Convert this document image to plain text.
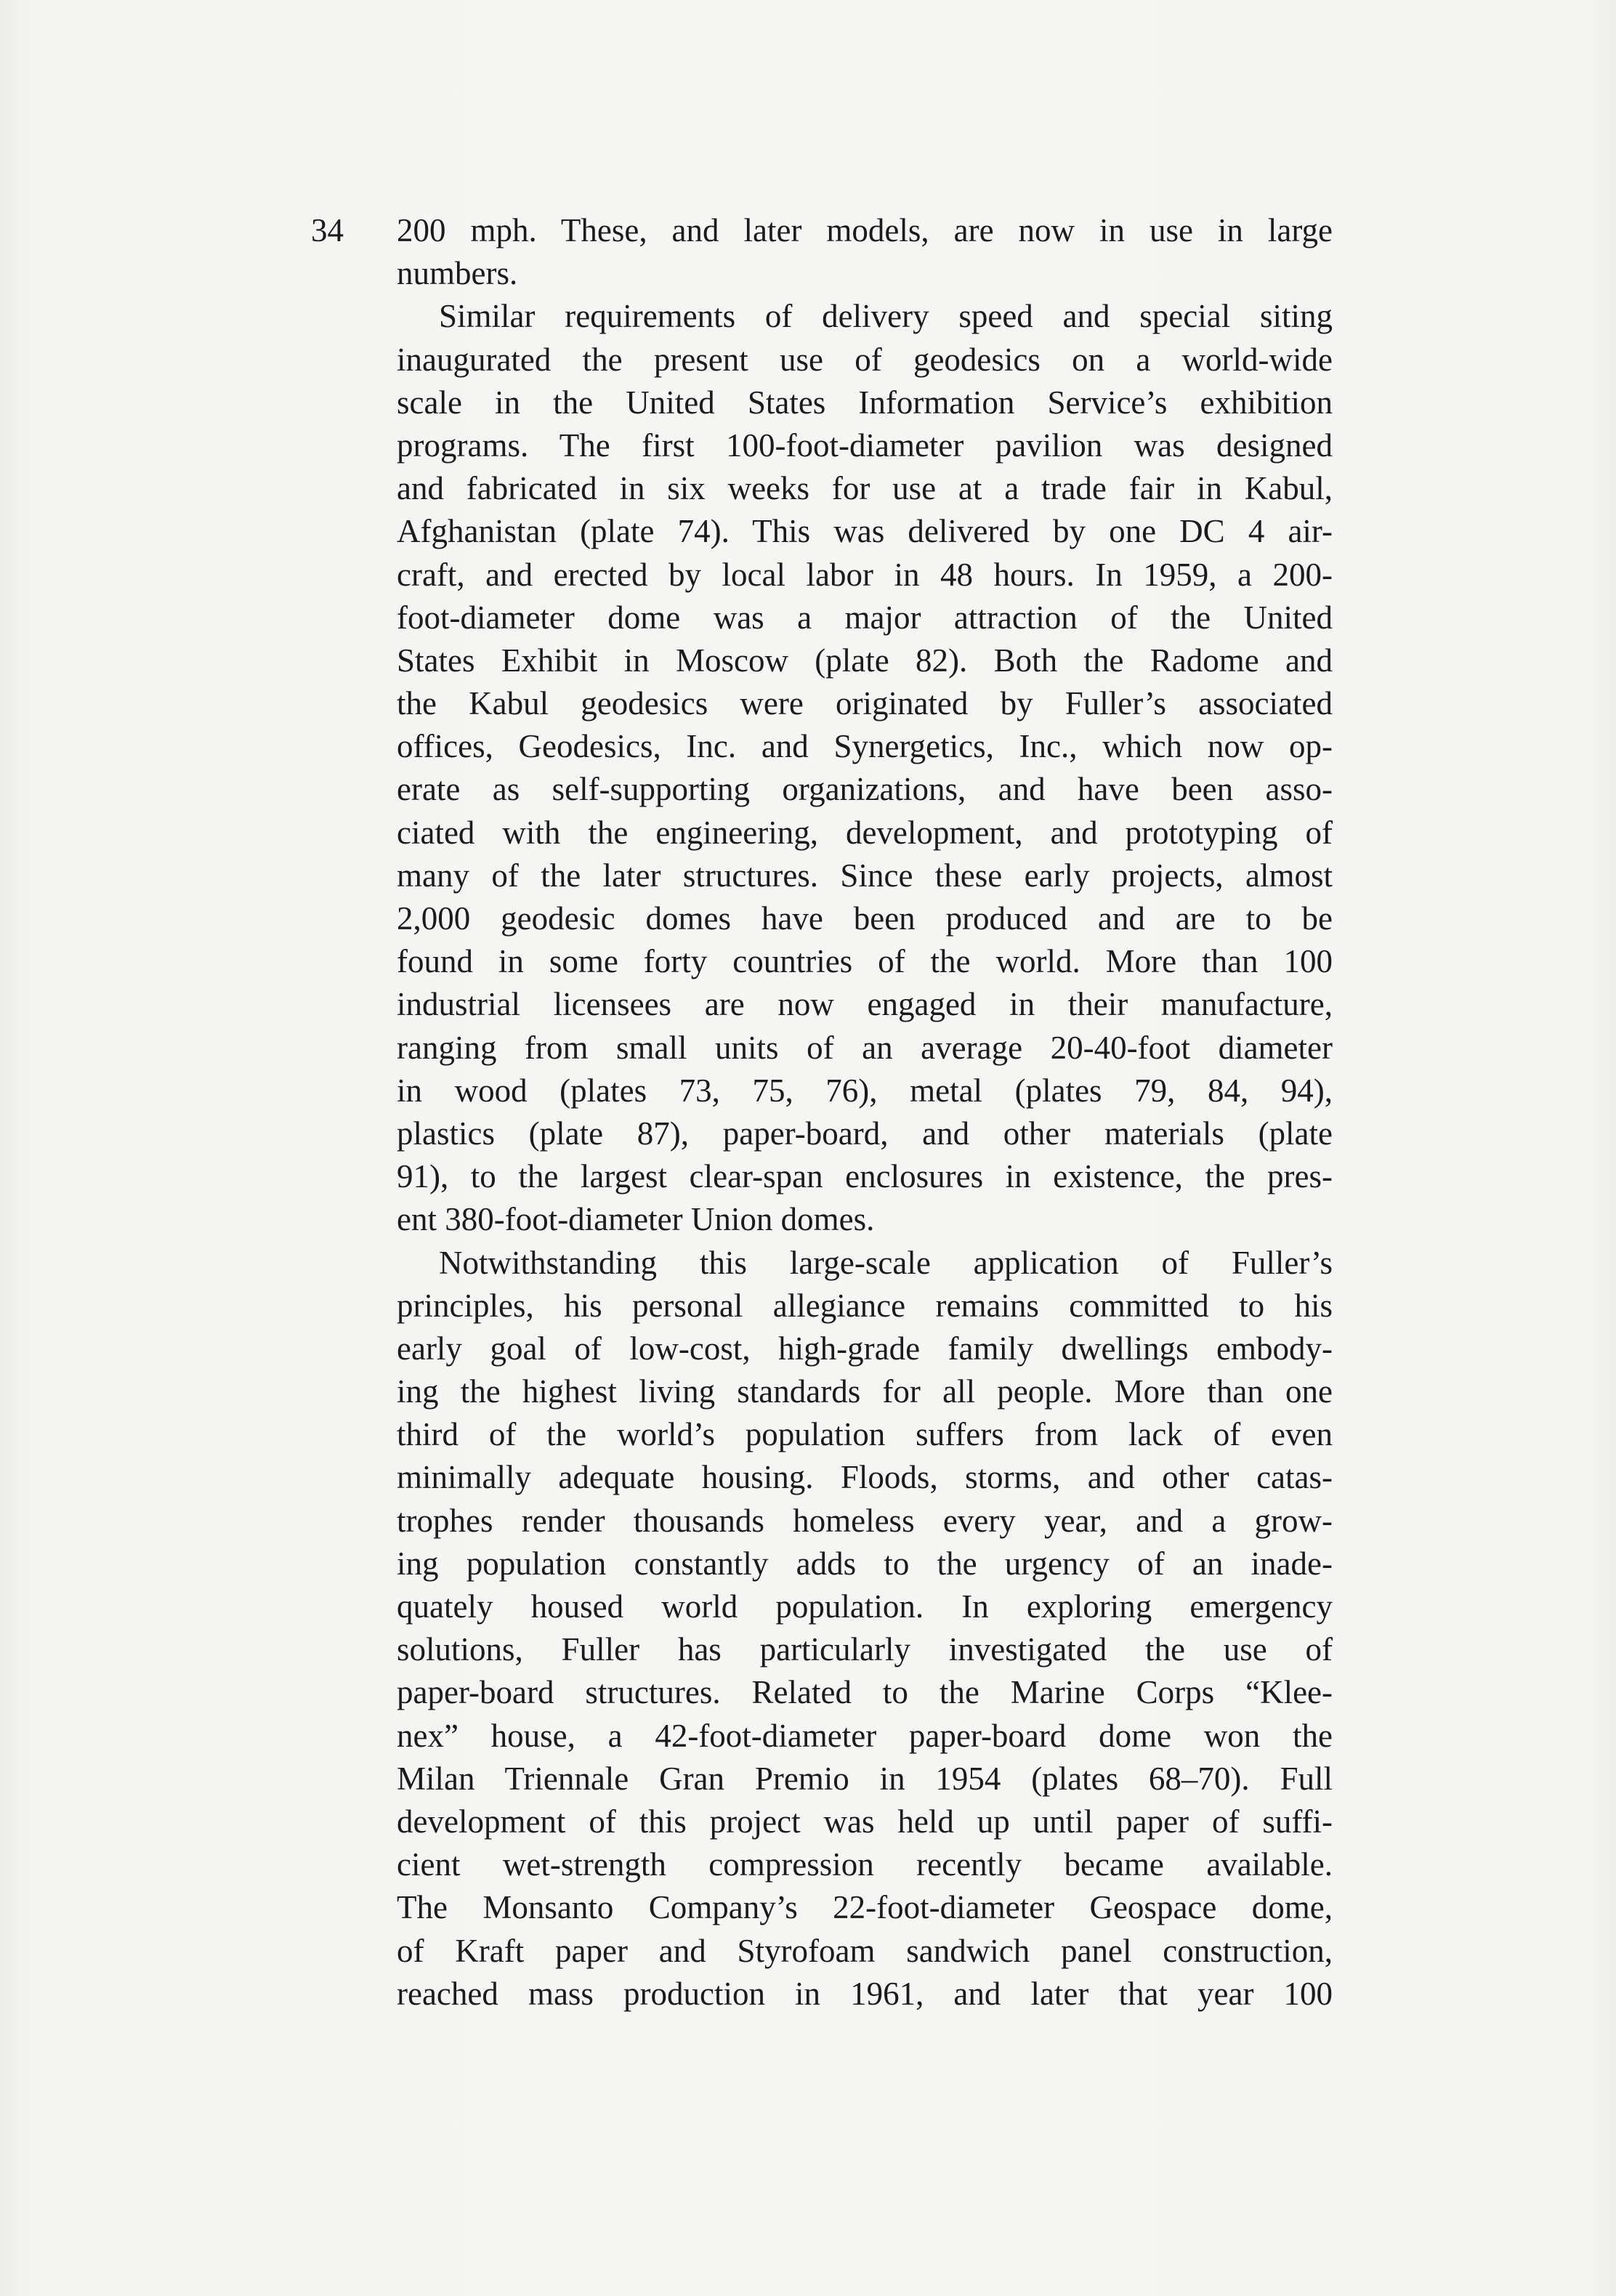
34 200 mph. These, and later models, are now in use in large
numbers.
Similar requirements of delivery speed and special siting
inaugurated the present use of geodesics on a world-wide
scale in the United States Information Service’s exhibition
programs. The first 100-foot-diameter pavilion was designed
and fabricated in six weeks for use at a trade fair in Kabul,
Afghanistan (plate 74). This was delivered by one DC 4 air-
craft, and erected by local labor in 48 hours. In 1959, a 200-
foot-diameter dome was a major attraction of the United
States Exhibit in Moscow (plate 82). Both the Radome and
the Kabul geodesics were originated by Fuller’s associated
offices, Geodesics, Inc. and Synergetics, Inc., which now op-
erate as self-supporting organizations, and have been asso-
ciated with the engineering, development, and prototyping of
many of the later structures. Since these early projects, almost
2,000 geodesic domes have been produced and are to be
found in some forty countries of the world. More than 100
industrial licensees are now engaged in their manufacture,
ranging from small units of an average 20-40-foot diameter
in wood (plates 73, 75, 76), metal (plates 79, 84, 94),
plastics (plate 87), paper-board, and other materials (plate
91), to the largest clear-span enclosures in existence, the pres-
ent 380-foot-diameter Union domes.
Notwithstanding this large-scale application of Fuller’s
principles, his personal allegiance remains committed to his
early goal of low-cost, high-grade family dwellings embody-
ing the highest living standards for all people. More than one
third of the world’s population suffers from lack of even
minimally adequate housing. Floods, storms, and other catas-
trophes render thousands homeless every year, and a grow-
ing population constantly adds to the urgency of an inade-
quately housed world population. In exploring emergency
solutions, Fuller has particularly investigated the use of
paper-board structures. Related to the Marine Corps “Klee-
nex” house, a 42-foot-diameter paper-board dome won the
Milan Triennale Gran Premio in 1954 (plates 68–70). Full
development of this project was held up until paper of suffi-
cient wet-strength compression recently became available.
The Monsanto Company’s 22-foot-diameter Geospace dome,
of Kraft paper and Styrofoam sandwich panel construction,
reached mass production in 1961, and later that year 100
